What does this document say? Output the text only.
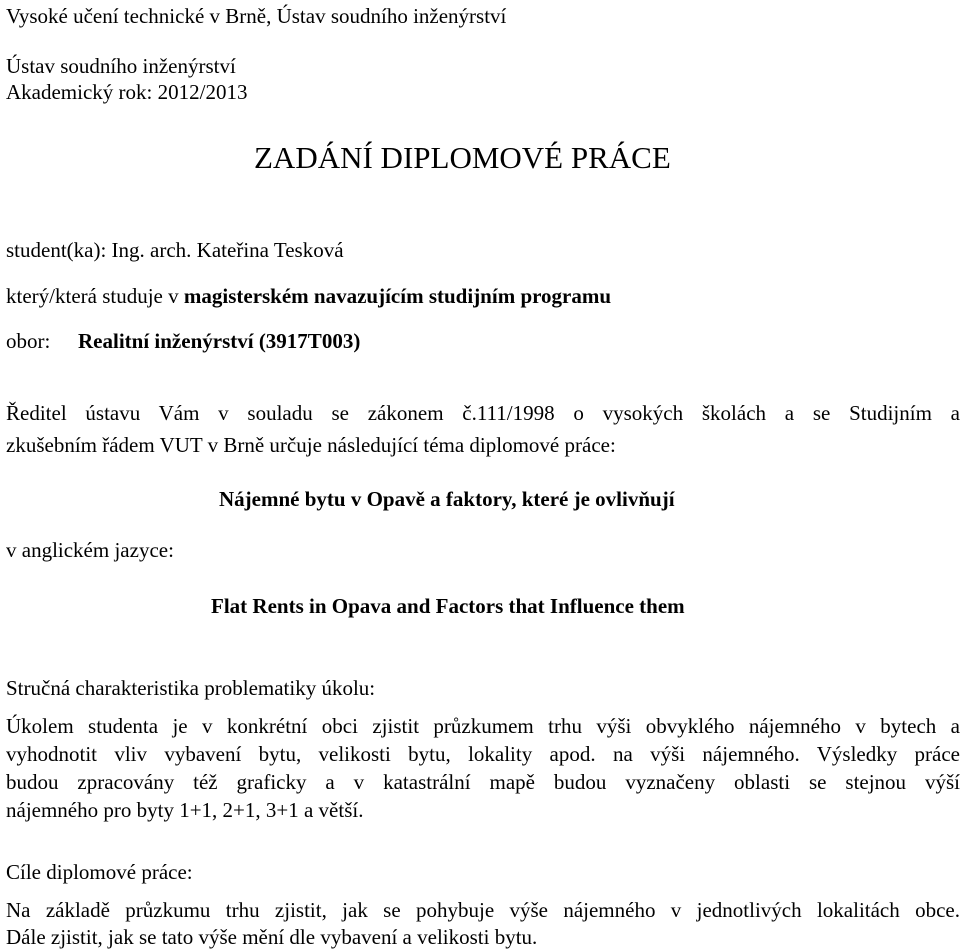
Vysoké učení technické v Brně, Ústav soudního inženýrství
Ústav soudního inženýrství
Akademický rok: 2012/2013
ZADÁNÍ DIPLOMOVÉ PRÁCE
student(ka): Ing. arch. Kateřina Tesková
který/která studuje v magisterském navazujícím studijním programu
obor: Realitní inženýrství (3917T003)
Ředitel ústavu Vám v souladu se zákonem č.111/1998 o vysokých školách a se Studijním a
zkušebním řádem VUT v Brně určuje následující téma diplomové práce:
Nájemné bytu v Opavě a faktory, které je ovlivňují
v anglickém jazyce:
Flat Rents in Opava and Factors that Influence them
Stručná charakteristika problematiky úkolu:
Úkolem studenta je v konkrétní obci zjistit průzkumem trhu výši obvyklého nájemného v bytech a
vyhodnotit vliv vybavení bytu, velikosti bytu, lokality apod. na výši nájemného. Výsledky práce
budou zpracovány též graficky a v katastrální mapě budou vyznačeny oblasti se stejnou výší
nájemného pro byty 1+1, 2+1, 3+1 a větší.
Cíle diplomové práce:
Na základě průzkumu trhu zjistit, jak se pohybuje výše nájemného v jednotlivých lokalitách obce.
Dále zjistit, jak se tato výše mění dle vybavení a velikosti bytu.
